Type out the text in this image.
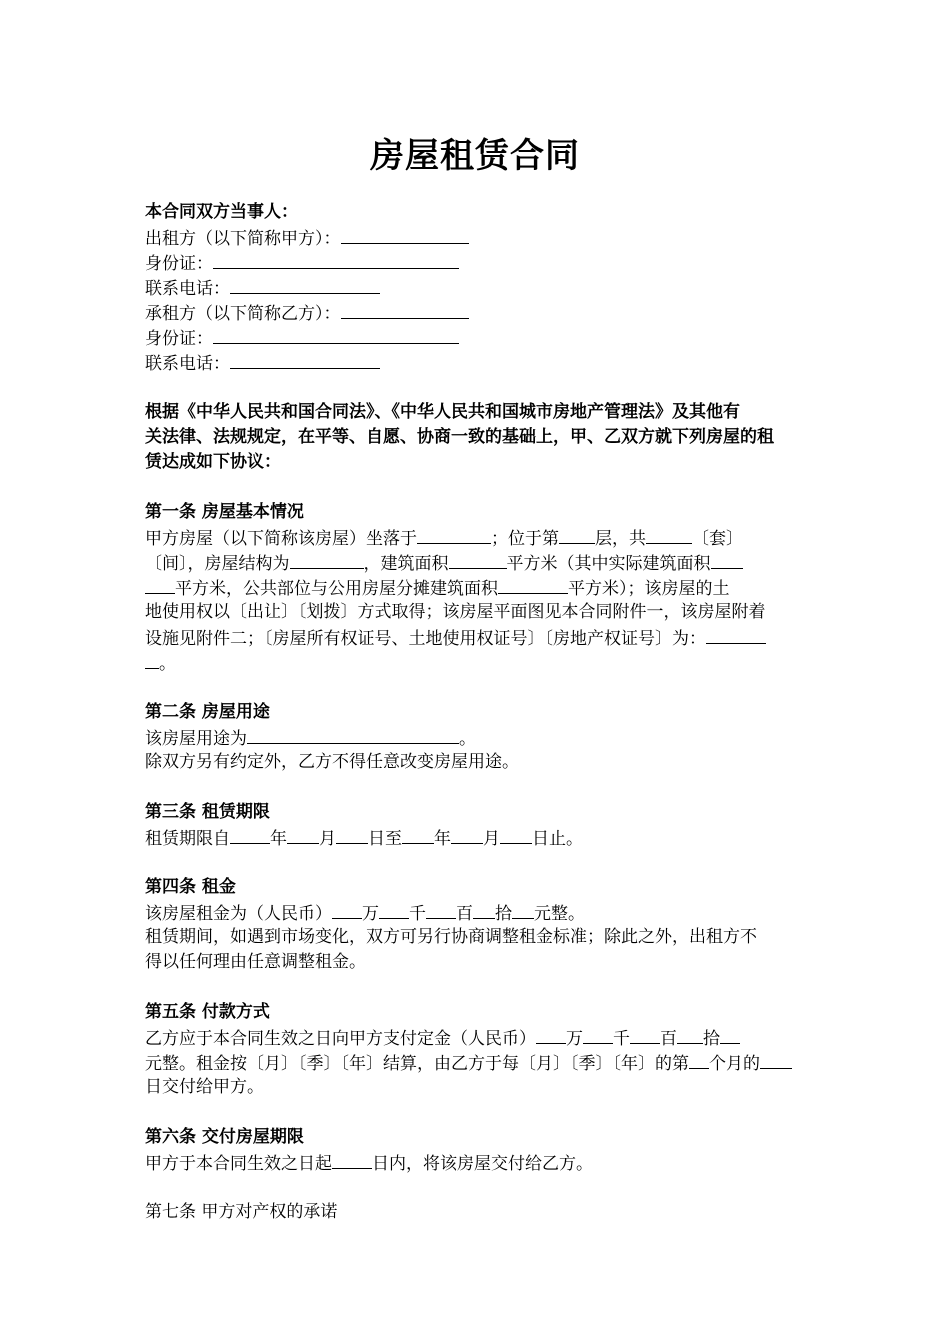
房屋租赁合同
本合同双方当事人：
出租方（以下简称甲方）：
身份证：
联系电话：
承租方（以下简称乙方）：
身份证：
联系电话：
根据《中华人民共和国合同法》、《中华人民共和国城市房地产管理法》及其他有
关法律、法规规定，在平等、自愿、协商一致的基础上，甲、乙双方就下列房屋的租
赁达成如下协议：
第一条 房屋基本情况
甲方房屋（以下简称该房屋）坐落于	；位于第 层，共	〔套〕
〔间〕，房屋结构为	，建筑面积	平方米（其中实际建筑面积
平方米，公共部位与公用房屋分摊建筑面积	平方米）；该房屋的土
地使用权以〔出让〕〔划拨〕方式取得；该房屋平面图见本合同附件一，该房屋附着
设施见附件二；〔房屋所有权证号、土地使用权证号〕〔房地产权证号〕为：
。
第二条 房屋用途
该房屋用途为	。
除双方另有约定外，乙方不得任意改变房屋用途。
第三条 租赁期限
租赁期限自 年 月 日至 年 月 日止。
第四条 租金
该房屋租金为（人民币） 万 千 百 拾 元整。
租赁期间，如遇到市场变化，双方可另行协商调整租金标准；除此之外，出租方不
得以任何理由任意调整租金。
第五条 付款方式
乙方应于本合同生效之日向甲方支付定金（人民币） 万 千 百 拾
元整。租金按〔月〕〔季〕〔年〕结算，由乙方于每〔月〕〔季〕〔年〕的第 个月的
日交付给甲方。
第六条 交付房屋期限
甲方于本合同生效之日起 日内，将该房屋交付给乙方。
第七条 甲方对产权的承诺
